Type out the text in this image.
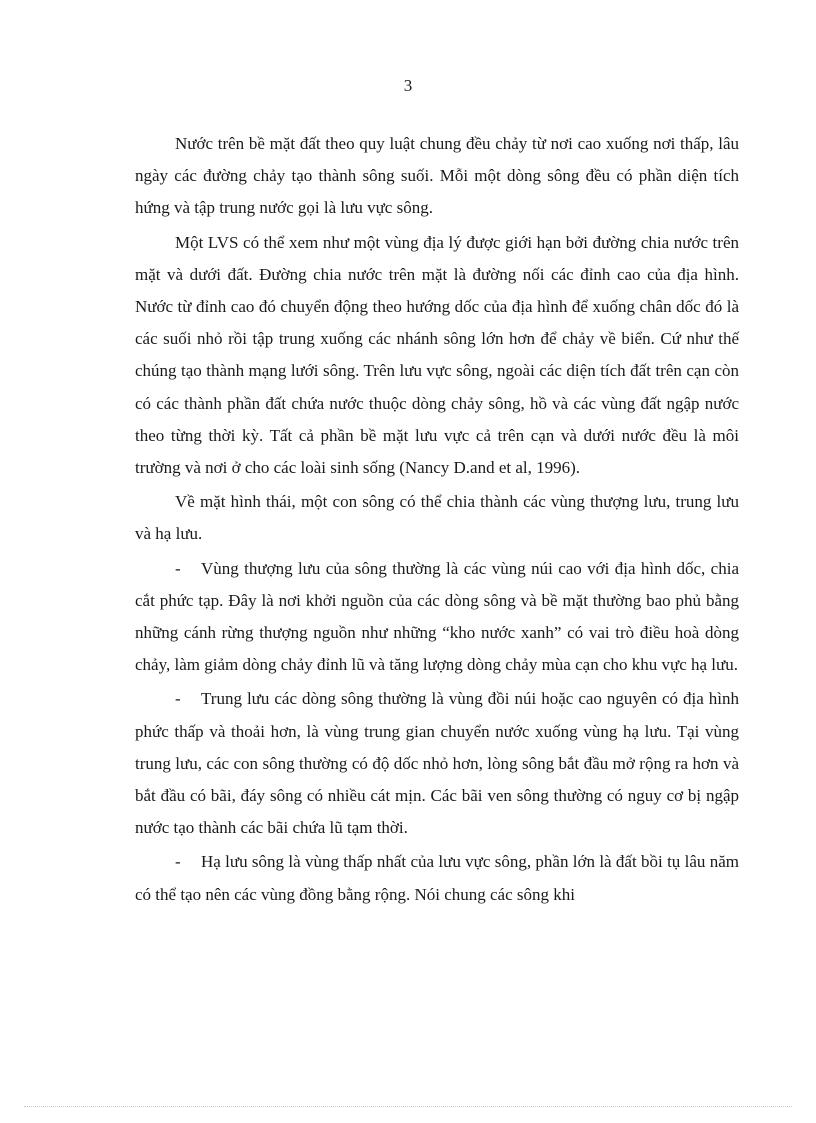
3

Nước trên bề mặt đất theo quy luật chung đều chảy từ nơi cao xuống nơi thấp, lâu ngày các đường chảy tạo thành sông suối. Mỗi một dòng sông đều có phần diện tích hứng và tập trung nước gọi là lưu vực sông.

Một LVS có thể xem như một vùng địa lý được giới hạn bởi đường chia nước trên mặt và dưới đất. Đường chia nước trên mặt là đường nối các đỉnh cao của địa hình. Nước từ đỉnh cao đó chuyển động theo hướng dốc của địa hình để xuống chân dốc đó là các suối nhỏ rồi tập trung xuống các nhánh sông lớn hơn để chảy về biển. Cứ như thế chúng tạo thành mạng lưới sông. Trên lưu vực sông, ngoài các diện tích đất trên cạn còn có các thành phần đất chứa nước thuộc dòng chảy sông, hồ và các vùng đất ngập nước theo từng thời kỳ. Tất cả phần bề mặt lưu vực cả trên cạn và dưới nước đều là môi trường và nơi ở cho các loài sinh sống (Nancy D.and et al, 1996).

Về mặt hình thái, một con sông có thể chia thành các vùng thượng lưu, trung lưu và hạ lưu.

- Vùng thượng lưu của sông thường là các vùng núi cao với địa hình dốc, chia cắt phức tạp. Đây là nơi khởi nguồn của các dòng sông và bề mặt thường bao phủ bằng những cánh rừng thượng nguồn như những “kho nước xanh” có vai trò điều hoà dòng chảy, làm giảm dòng chảy đỉnh lũ và tăng lượng dòng chảy mùa cạn cho khu vực hạ lưu.

- Trung lưu các dòng sông thường là vùng đồi núi hoặc cao nguyên có địa hình phức thấp và thoải hơn, là vùng trung gian chuyển nước xuống vùng hạ lưu. Tại vùng trung lưu, các con sông thường có độ dốc nhỏ hơn, lòng sông bắt đầu mở rộng ra hơn và bắt đầu có bãi, đáy sông có nhiều cát mịn. Các bãi ven sông thường có nguy cơ bị ngập nước tạo thành các bãi chứa lũ tạm thời.

- Hạ lưu sông là vùng thấp nhất của lưu vực sông, phần lớn là đất bồi tụ lâu năm có thể tạo nên các vùng đồng bằng rộng. Nói chung các sông khi
